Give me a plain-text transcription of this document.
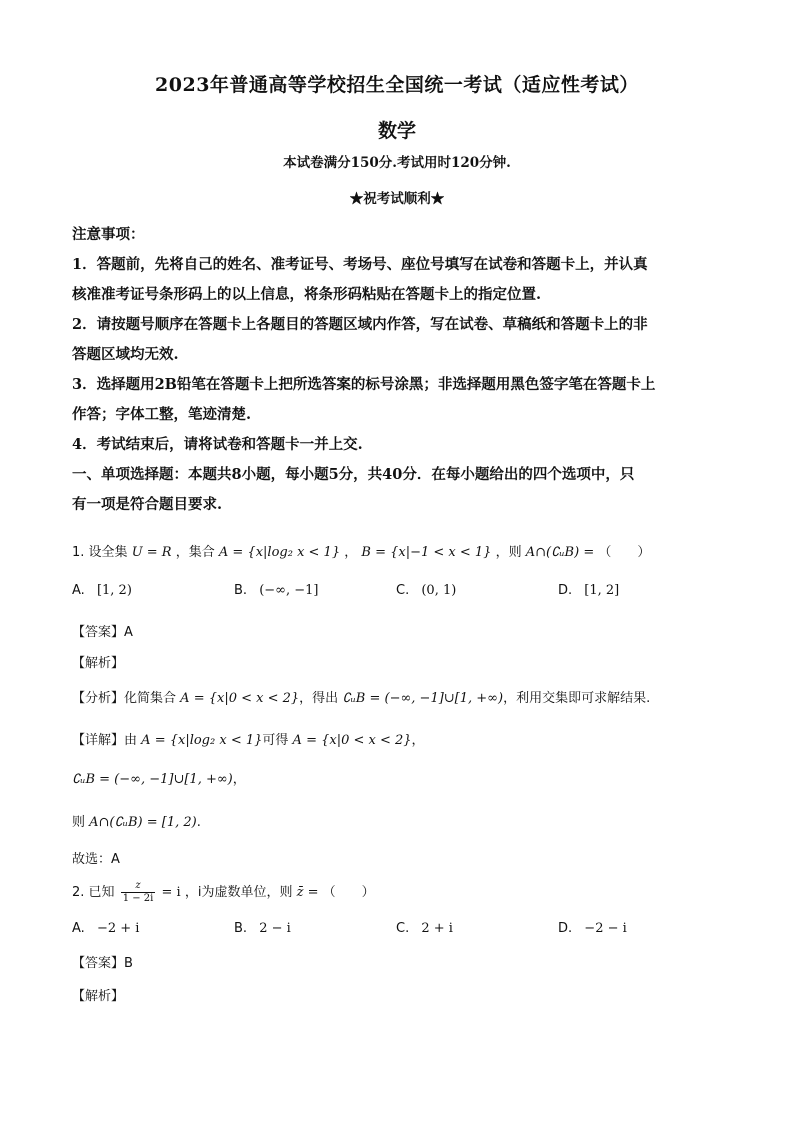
2023年普通高等学校招生全国统一考试（适应性考试）
数学
本试卷满分150分.考试用时120分钟.
★祝考试顺利★
注意事项：
1．答题前，先将自己的姓名、准考证号、考场号、座位号填写在试卷和答题卡上，并认真
核准准考证号条形码上的以上信息，将条形码粘贴在答题卡上的指定位置.
2．请按题号顺序在答题卡上各题目的答题区域内作答，写在试卷、草稿纸和答题卡上的非
答题区域均无效.
3．选择题用2B铅笔在答题卡上把所选答案的标号涂黑；非选择题用黑色签字笔在答题卡上
作答；字体工整，笔迹清楚.
4．考试结束后，请将试卷和答题卡一并上交.
一、单项选择题：本题共8小题，每小题5分，共40分．在每小题给出的四个选项中，只
有一项是符合题目要求.
1. 设全集 U = R ，集合 A = {x|log₂ x < 1} ， B = {x|−1 < x < 1} ，则 A∩(∁ᵤB) = （　　）
A. [1, 2)	B. (−∞, −1]	C. (0, 1)	D. [1, 2]
【答案】A
【解析】
【分析】化简集合 A = {x|0 < x < 2}，得出 ∁ᵤB = (−∞, −1]∪[1, +∞)，利用交集即可求解结果.
【详解】由 A = {x|log₂ x < 1}可得 A = {x|0 < x < 2}，
∁ᵤB = (−∞, −1]∪[1, +∞)，
则 A∩(∁ᵤB) = [1, 2).
故选：A
2. 已知 $\frac{z}{1 - 2i} = i$ ，i为虚数单位，则 z̄ = （　　）
A. −2 + i	B. 2 − i	C. 2 + i	D. −2 − i
【答案】B
【解析】
